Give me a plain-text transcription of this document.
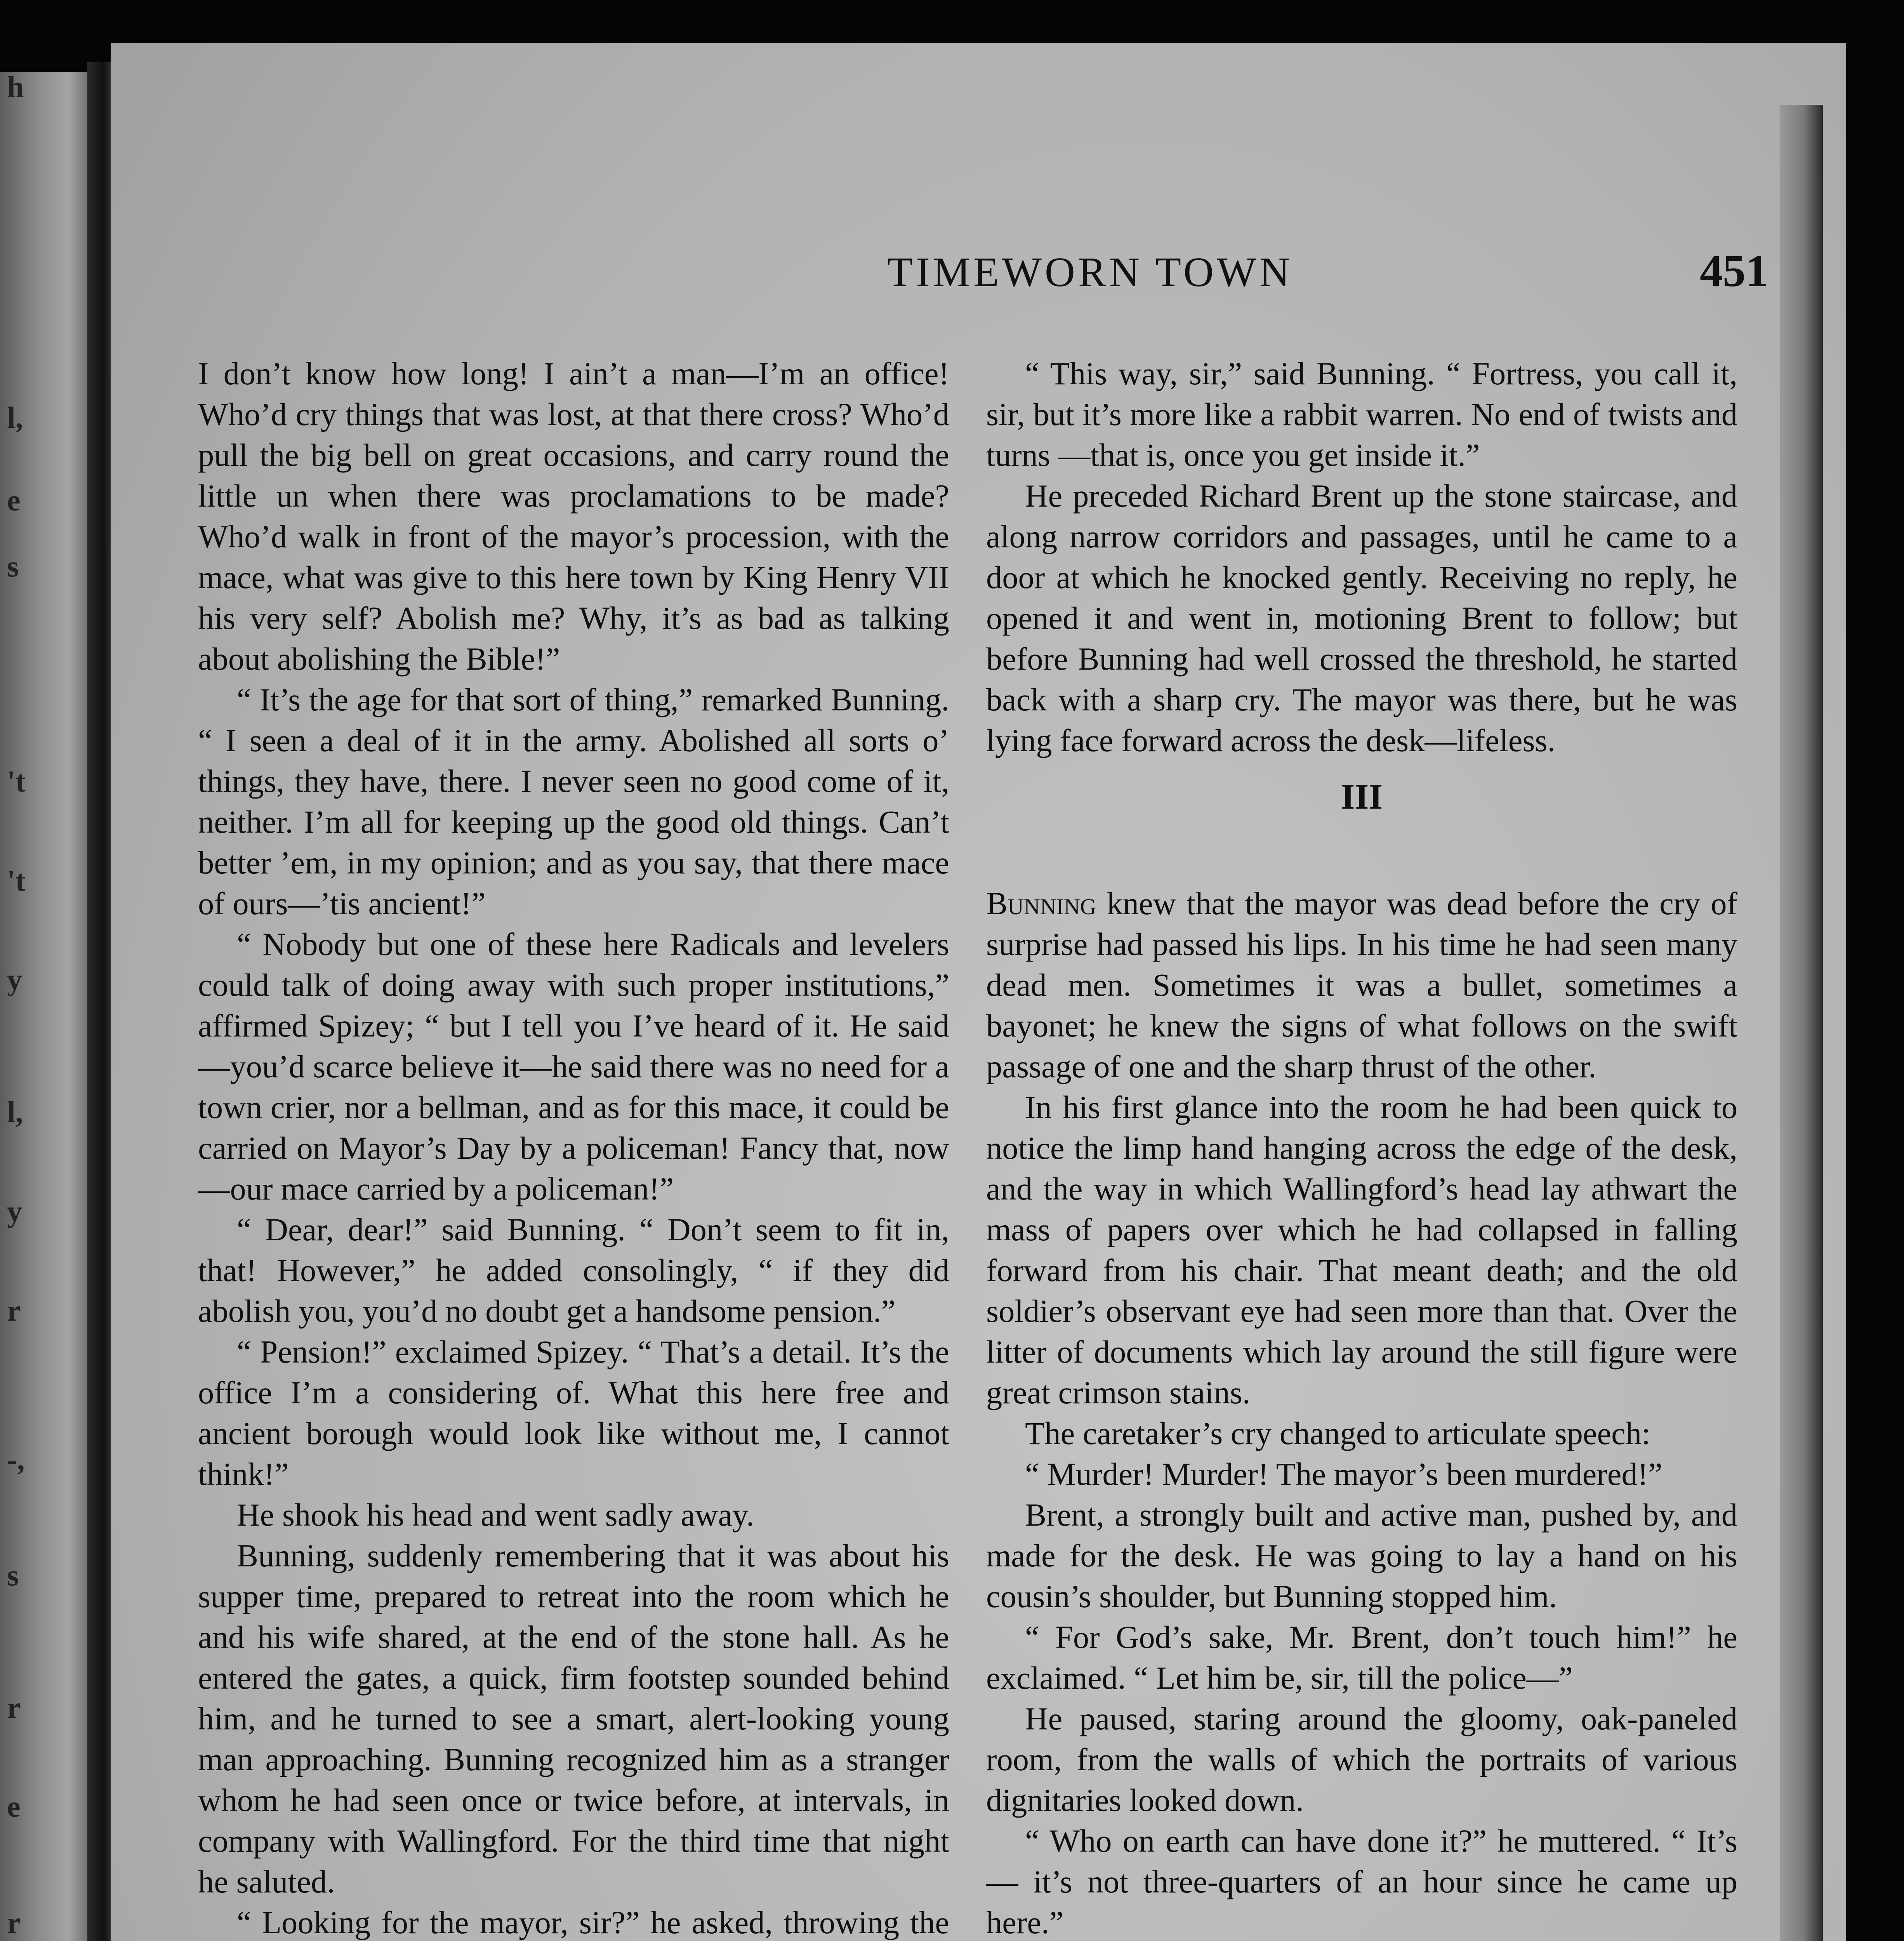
h
l,
e
s
't
't
y
l,
y
r
-,
s
r
e
r
TIMEWORN TOWN	451

I don’t know how long! I ain’t a man—I’m an office! Who’d cry things that was lost, at that there cross? Who’d pull the big bell on great occasions, and carry round the little un when there was proclamations to be made? Who’d walk in front of the mayor’s procession, with the mace, what was give to this here town by King Henry VII his very self? Abolish me? Why, it’s as bad as talking about abolishing the Bible!”

“ It’s the age for that sort of thing,” remarked Bunning. “ I seen a deal of it in the army. Abolished all sorts o’ things, they have, there. I never seen no good come of it, neither. I’m all for keeping up the good old things. Can’t better ’em, in my opinion; and as you say, that there mace of ours—’tis ancient!”

“ Nobody but one of these here Radicals and levelers could talk of doing away with such proper institutions,” affirmed Spizey; “ but I tell you I’ve heard of it. He said —you’d scarce believe it—he said there was no need for a town crier, nor a bellman, and as for this mace, it could be carried on Mayor’s Day by a policeman! Fancy that, now—our mace carried by a policeman!”

“ Dear, dear!” said Bunning. “ Don’t seem to fit in, that! However,” he added consolingly, “ if they did abolish you, you’d no doubt get a handsome pension.”

“ Pension!” exclaimed Spizey. “ That’s a detail. It’s the office I’m a considering of. What this here free and ancient borough would look like without me, I cannot think!”

He shook his head and went sadly away.

Bunning, suddenly remembering that it was about his supper time, prepared to retreat into the room which he and his wife shared, at the end of the stone hall. As he entered the gates, a quick, firm footstep sounded behind him, and he turned to see a smart, alert-looking young man approaching. Bunning recognized him as a stranger whom he had seen once or twice before, at intervals, in company with Wallingford. For the third time that night he saluted.

“ Looking for the mayor, sir?” he asked, throwing the

“ This way, sir,” said Bunning. “ Fortress, you call it, sir, but it’s more like a rabbit warren. No end of twists and turns —that is, once you get inside it.”

He preceded Richard Brent up the stone staircase, and along narrow corridors and passages, until he came to a door at which he knocked gently. Receiving no reply, he opened it and went in, motioning Brent to follow; but before Bunning had well crossed the threshold, he started back with a sharp cry. The mayor was there, but he was lying face forward across the desk—lifeless.

III

Bunning knew that the mayor was dead before the cry of surprise had passed his lips. In his time he had seen many dead men. Sometimes it was a bullet, sometimes a bayonet; he knew the signs of what follows on the swift passage of one and the sharp thrust of the other.

In his first glance into the room he had been quick to notice the limp hand hanging across the edge of the desk, and the way in which Wallingford’s head lay athwart the mass of papers over which he had collapsed in falling forward from his chair. That meant death; and the old soldier’s observant eye had seen more than that. Over the litter of documents which lay around the still figure were great crimson stains.

The caretaker’s cry changed to articulate speech:

“ Murder! Murder! The mayor’s been murdered!”

Brent, a strongly built and active man, pushed by, and made for the desk. He was going to lay a hand on his cousin’s shoulder, but Bunning stopped him.

“ For God’s sake, Mr. Brent, don’t touch him!” he exclaimed. “ Let him be, sir, till the police—”

He paused, staring around the gloomy, oak-paneled room, from the walls of which the portraits of various dignitaries looked down.

“ Who on earth can have done it?” he muttered. “ It’s — it’s not three-quarters of an hour since he came up here.”
